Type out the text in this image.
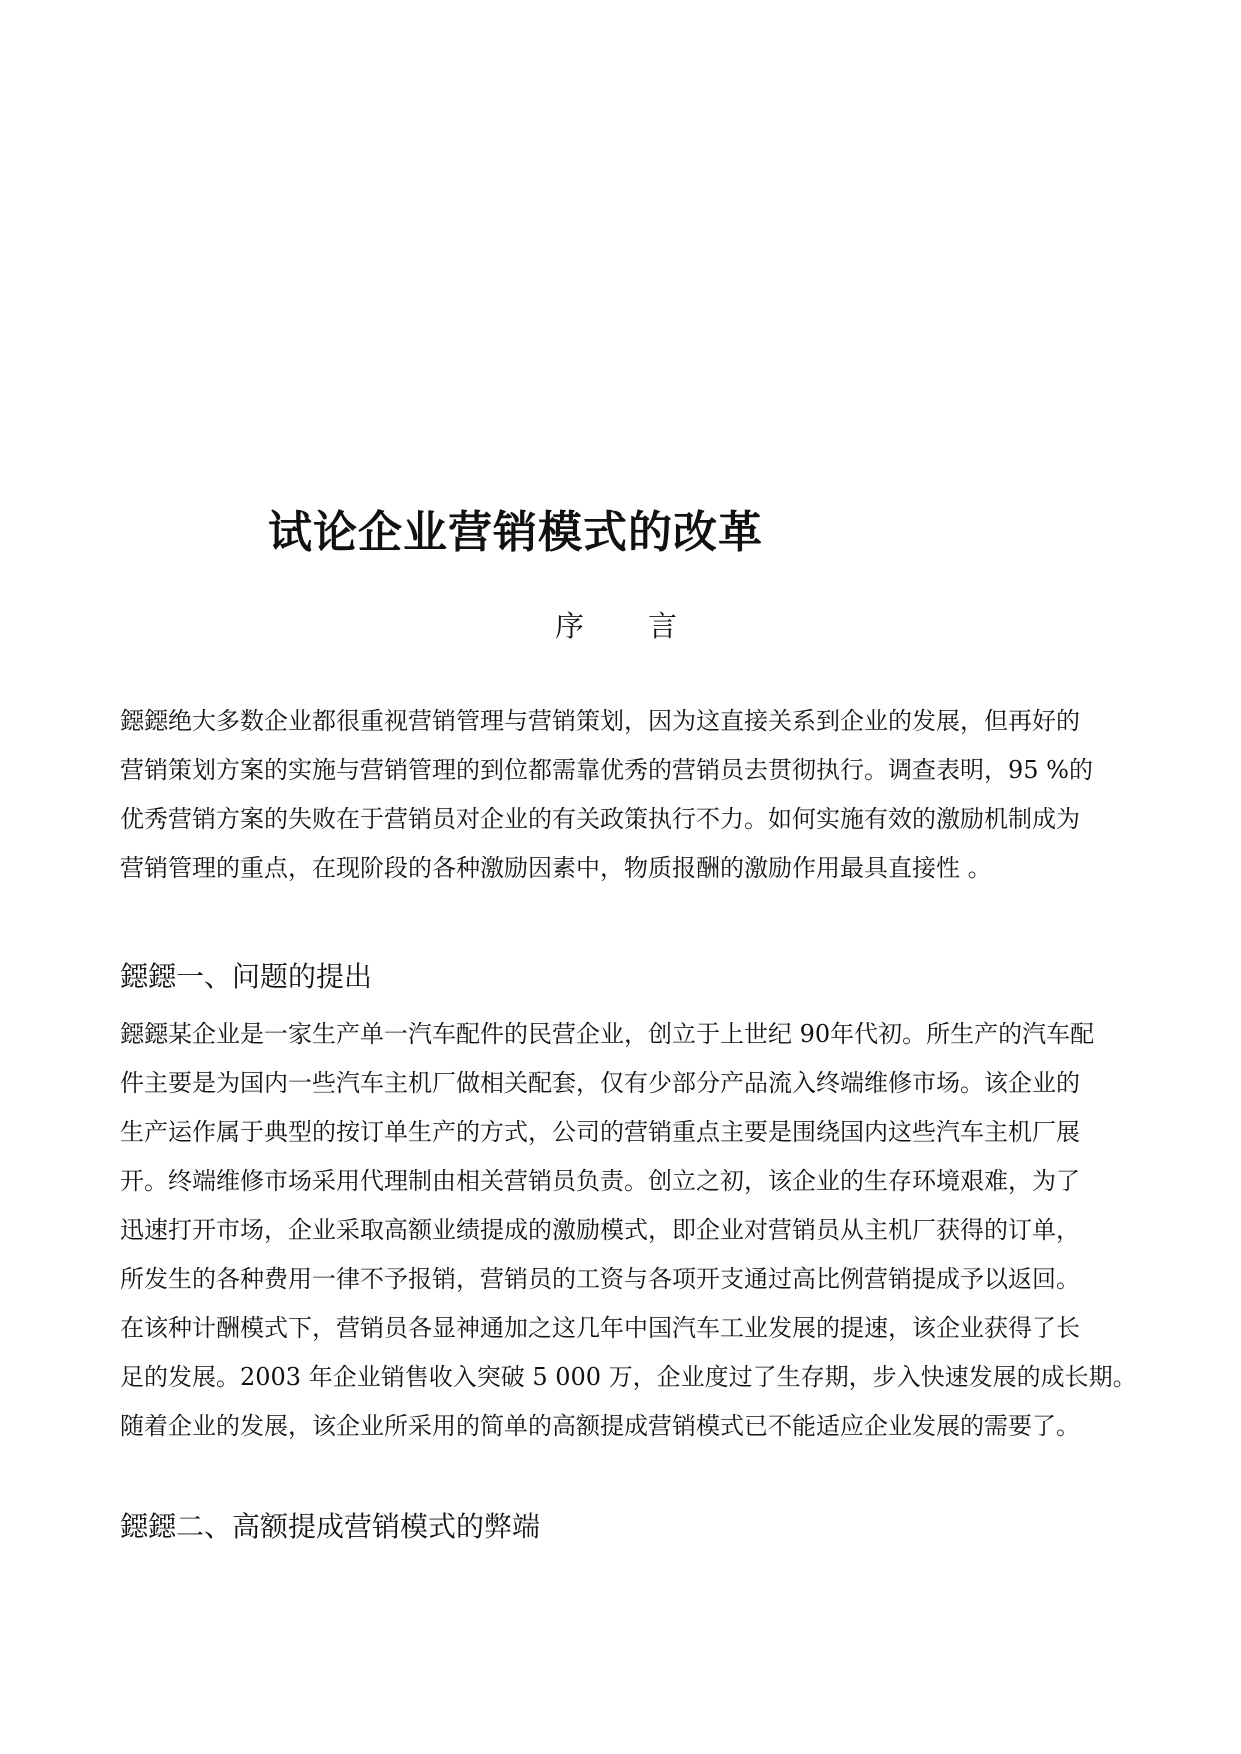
试论企业营销模式的改革
序言
鐚鐚绝大多数企业都很重视营销管理与营销策划，因为这直接关系到企业的发展，但再好的
营销策划方案的实施与营销管理的到位都需靠优秀的营销员去贯彻执行。调查表明，95 %的
优秀营销方案的失败在于营销员对企业的有关政策执行不力。如何实施有效的激励机制成为
营销管理的重点，在现阶段的各种激励因素中，物质报酬的激励作用最具直接性 。
鐚鐚一、问题的提出
鐚鐚某企业是一家生产单一汽车配件的民营企业，创立于上世纪 90年代初。所生产的汽车配
件主要是为国内一些汽车主机厂做相关配套，仅有少部分产品流入终端维修市场。该企业的
生产运作属于典型的按订单生产的方式，公司的营销重点主要是围绕国内这些汽车主机厂展
开。终端维修市场采用代理制由相关营销员负责。创立之初，该企业的生存环境艰难，为了
迅速打开市场，企业采取高额业绩提成的激励模式，即企业对营销员从主机厂获得的订单，
所发生的各种费用一律不予报销，营销员的工资与各项开支通过高比例营销提成予以返回。
在该种计酬模式下，营销员各显神通加之这几年中国汽车工业发展的提速，该企业获得了长
足的发展。2003 年企业销售收入突破 5 000 万，企业度过了生存期，步入快速发展的成长期。
随着企业的发展，该企业所采用的简单的高额提成营销模式已不能适应企业发展的需要了。
鐚鐚二、高额提成营销模式的弊端
